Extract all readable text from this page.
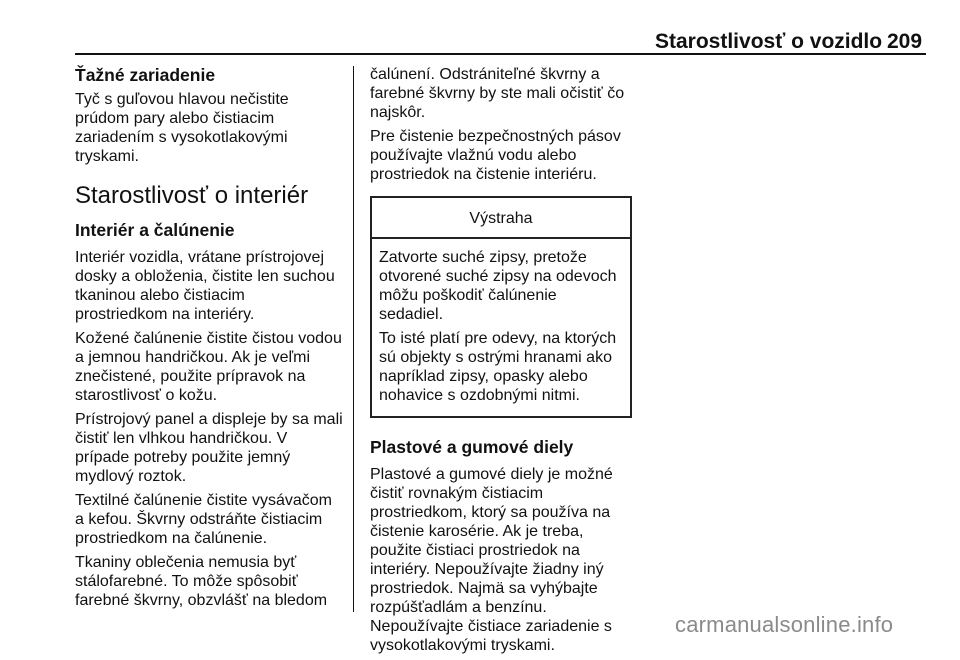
Starostlivosť o vozidlo 209

Ťažné zariadenie

Tyč s guľovou hlavou nečistite
prúdom pary alebo čistiacim
zariadením s vysokotlakovými
tryskami.

Starostlivosť o interiér

Interiér a čalúnenie

Interiér vozidla, vrátane prístrojovej
dosky a obloženia, čistite len suchou
tkaninou alebo čistiacim
prostriedkom na interiéry.

Kožené čalúnenie čistite čistou vodou
a jemnou handričkou. Ak je veľmi
znečistené, použite prípravok na
starostlivosť o kožu.

Prístrojový panel a displeje by sa mali
čistiť len vlhkou handričkou. V
prípade potreby použite jemný
mydlový roztok.

Textilné čalúnenie čistite vysávačom
a kefou. Škvrny odstráňte čistiacim
prostriedkom na čalúnenie.

Tkaniny oblečenia nemusia byť
stálofarebné. To môže spôsobiť
farebné škvrny, obzvlášť na bledom

čalúnení. Odstrániteľné škvrny a
farebné škvrny by ste mali očistiť čo
najskôr.

Pre čistenie bezpečnostných pásov
používajte vlažnú vodu alebo
prostriedok na čistenie interiéru.

Výstraha

Zatvorte suché zipsy, pretože
otvorené suché zipsy na odevoch
môžu poškodiť čalúnenie
sedadiel.

To isté platí pre odevy, na ktorých
sú objekty s ostrými hranami ako
napríklad zipsy, opasky alebo
nohavice s ozdobnými nitmi.

Plastové a gumové diely

Plastové a gumové diely je možné
čistiť rovnakým čistiacim
prostriedkom, ktorý sa používa na
čistenie karosérie. Ak je treba,
použite čistiaci prostriedok na
interiéry. Nepoužívajte žiadny iný
prostriedok. Najmä sa vyhýbajte
rozpúšťadlám a benzínu.
Nepoužívajte čistiace zariadenie s
vysokotlakovými tryskami.

carmanualsonline.info
